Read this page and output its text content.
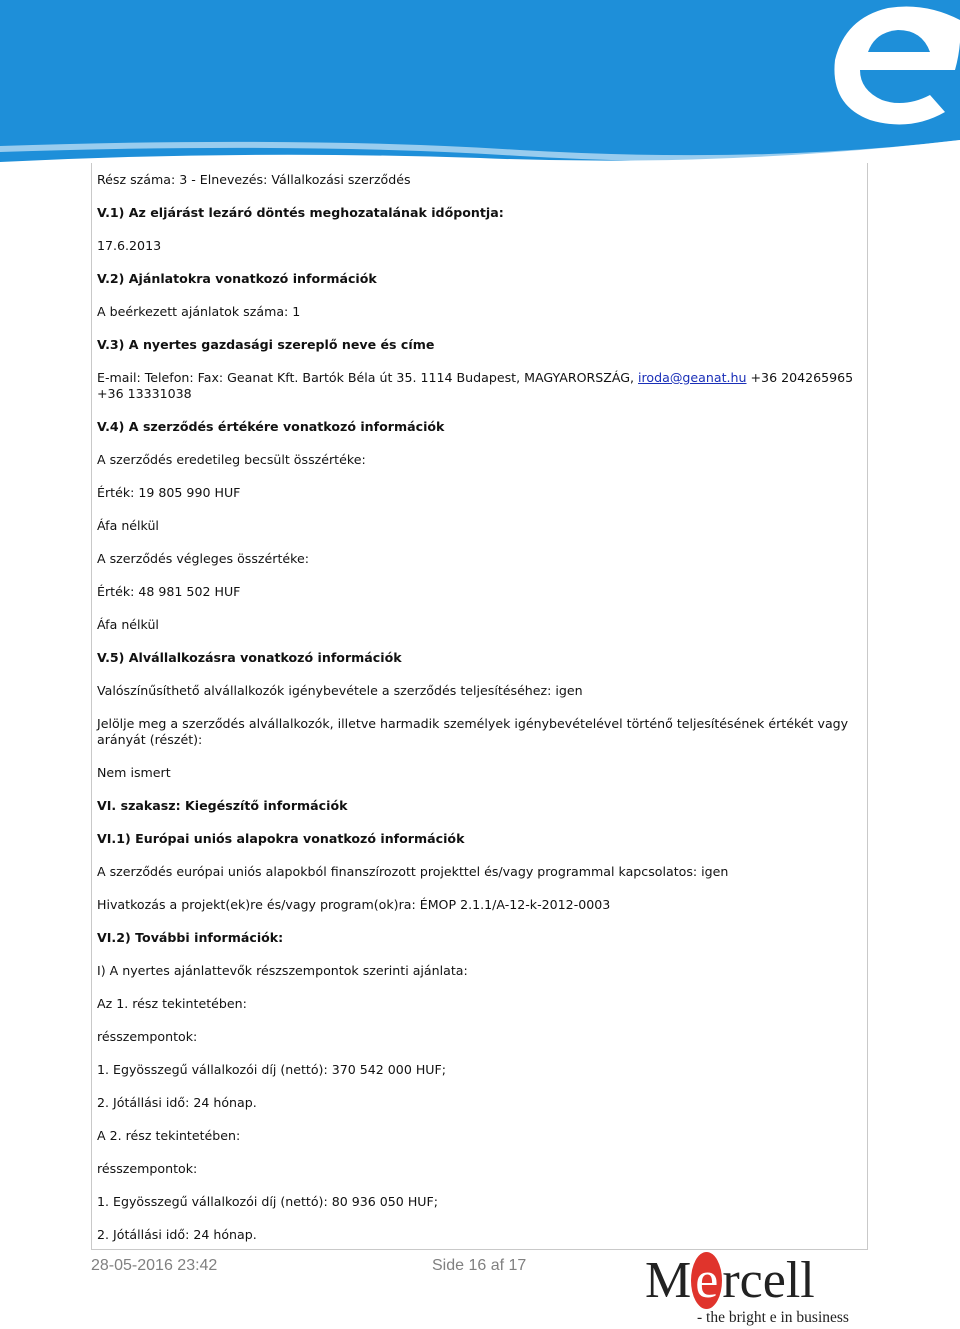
Rész száma: 3 - Elnevezés: Vállalkozási szerződés

V.1) Az eljárást lezáró döntés meghozatalának időpontja:

17.6.2013

V.2) Ajánlatokra vonatkozó információk

A beérkezett ajánlatok száma: 1

V.3) A nyertes gazdasági szereplő neve és címe

E-mail: Telefon: Fax: Geanat Kft. Bartók Béla út 35. 1114 Budapest, MAGYARORSZÁG, iroda@geanat.hu +36 204265965 +36 13331038

V.4) A szerződés értékére vonatkozó információk

A szerződés eredetileg becsült összértéke:

Érték: 19 805 990 HUF

Áfa nélkül

A szerződés végleges összértéke:

Érték: 48 981 502 HUF

Áfa nélkül

V.5) Alvállalkozásra vonatkozó információk

Valószínűsíthető alvállalkozók igénybevétele a szerződés teljesítéséhez: igen

Jelölje meg a szerződés alvállalkozók, illetve harmadik személyek igénybevételével történő teljesítésének értékét vagy arányát (részét):

Nem ismert

VI. szakasz: Kiegészítő információk

VI.1) Európai uniós alapokra vonatkozó információk

A szerződés európai uniós alapokból finanszírozott projekttel és/vagy programmal kapcsolatos: igen

Hivatkozás a projekt(ek)re és/vagy program(ok)ra: ÉMOP 2.1.1/A-12-k-2012-0003

VI.2) További információk:

I) A nyertes ajánlattevők részszempontok szerinti ajánlata:

Az 1. rész tekintetében:

résszempontok:

1. Egyösszegű vállalkozói díj (nettó): 370 542 000 HUF;

2. Jótállási idő: 24 hónap.

A 2. rész tekintetében:

résszempontok:

1. Egyösszegű vállalkozói díj (nettó): 80 936 050 HUF;

2. Jótállási idő: 24 hónap.

28-05-2016 23:42	Side 16 af 17 Mercell
- the bright e in business
